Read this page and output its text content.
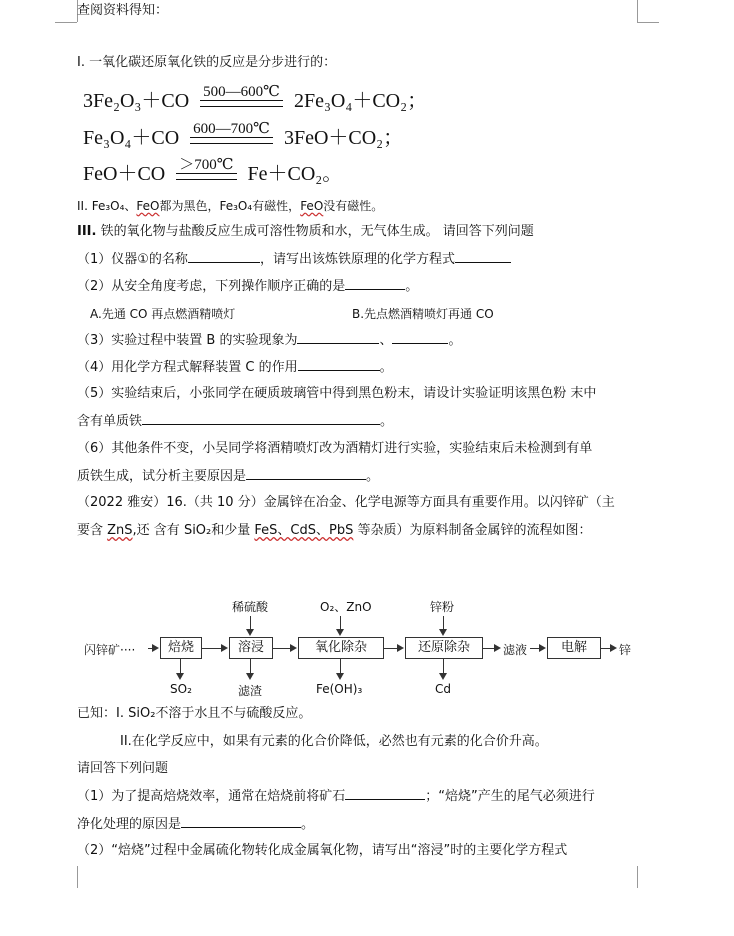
查阅资料得知：
I. 一氧化碳还原氧化铁的反应是分步进行的：
3Fe₂O₃＋CO 500—600℃ 2Fe₃O₄＋CO₂；
Fe₃O₄＋CO 600—700℃ 3FeO＋CO₂；
FeO＋CO ＞700℃ Fe＋CO₂。
II. Fe₃O₄、FeO都为黑色，Fe₃O₄有磁性，FeO没有磁性。
III. 铁的氧化物与盐酸反应生成可溶性物质和水，无气体生成。 请回答下列问题
（1）仪器①的名称	，请写出该炼铁原理的化学方程式
（2）从安全角度考虑，下列操作顺序正确的是	。
A.先通 CO 再点燃酒精喷灯	B.先点燃酒精喷灯再通 CO
（3）实验过程中装置 B 的实验现象为	、	。
（4）用化学方程式解释装置 C 的作用	。
（5）实验结束后，小张同学在硬质玻璃管中得到黑色粉末，请设计实验证明该黑色粉 末中
含有单质铁	。
（6）其他条件不变，小吴同学将酒精喷灯改为酒精灯进行实验，实验结束后未检测到有单
质铁生成，试分析主要原因是	。
（2022 雅安）16.（共 10 分）金属锌在冶金、化学电源等方面具有重要作用。以闪锌矿（主
要含 ZnS,还 含有 SiO₂和少量 FeS、CdS、PbS 等杂质）为原料制备金属锌的流程如图：
闪锌矿····	焙烧	溶浸	氧化除杂	还原除杂	滤液	电解	锌
稀硫酸	O₂、ZnO	锌粉
SO₂	滤渣	Fe(OH)₃	Cd
已知：I. SiO₂不溶于水且不与硫酸反应。
II.在化学反应中，如果有元素的化合价降低，必然也有元素的化合价升高。
请回答下列问题
（1）为了提高焙烧效率，通常在焙烧前将矿石	；“焙烧”产生的尾气必须进行
净化处理的原因是	。
（2）“焙烧”过程中金属硫化物转化成金属氧化物，请写出“溶浸”时的主要化学方程式
